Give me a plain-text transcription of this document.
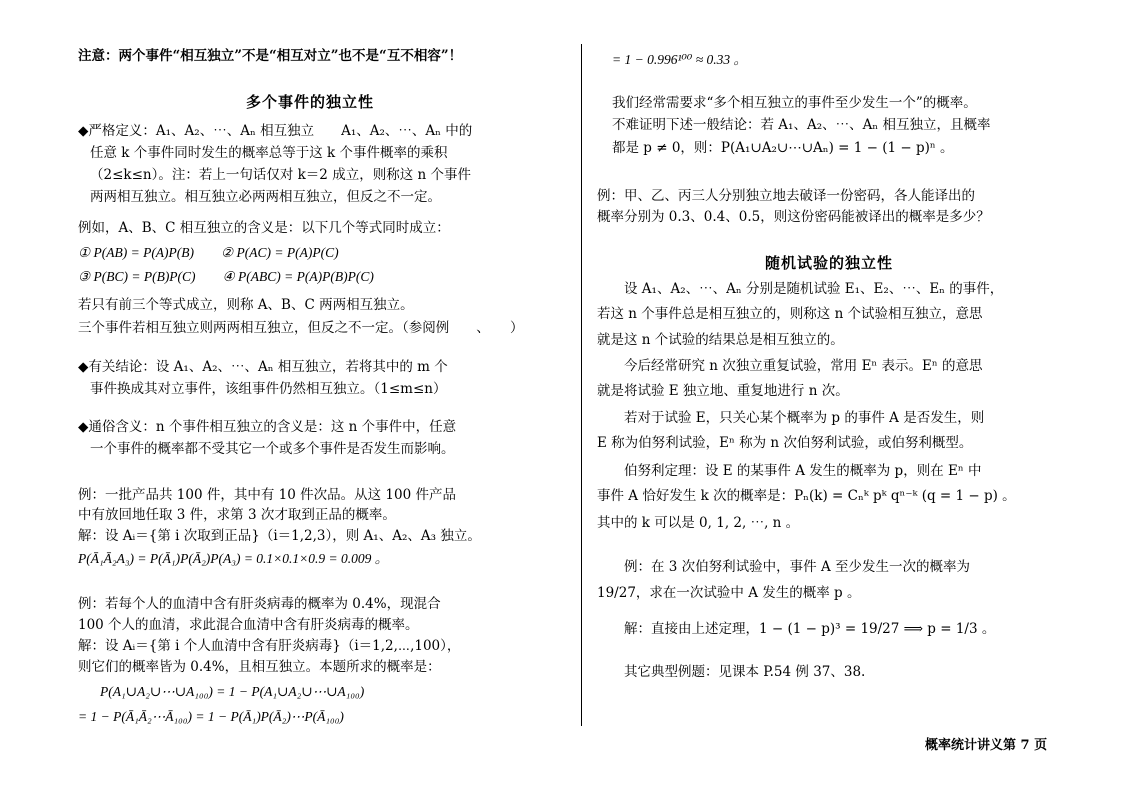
注意：两个事件“相互独立”不是“相互对立”也不是“互不相容”！
多个事件的独立性
◆严格定义：A₁、A₂、⋯、Aₙ 相互独立　　A₁、A₂、⋯、Aₙ 中的
任意 k 个事件同时发生的概率总等于这 k 个事件概率的乘积
（2≤k≤n）。注：若上一句话仅对 k＝2 成立，则称这 n 个事件
两两相互独立。相互独立必两两相互独立，但反之不一定。
例如，A、B、C 相互独立的含义是：以下几个等式同时成立：
① P(AB) = P(A)P(B)　　② P(AC) = P(A)P(C)
③ P(BC) = P(B)P(C)　　④ P(ABC) = P(A)P(B)P(C)
若只有前三个等式成立，则称 A、B、C 两两相互独立。
三个事件若相互独立则两两相互独立，但反之不一定。（参阅例　　、　　）
◆有关结论：设 A₁、A₂、⋯、Aₙ 相互独立，若将其中的 m 个
事件换成其对立事件，该组事件仍然相互独立。（1≤m≤n）
◆通俗含义：n 个事件相互独立的含义是：这 n 个事件中，任意
一个事件的概率都不受其它一个或多个事件是否发生而影响。
例：一批产品共 100 件，其中有 10 件次品。从这 100 件产品
中有放回地任取 3 件，求第 3 次才取到正品的概率。
解：设 Aᵢ＝{第 i 次取到正品}（i＝1,2,3），则 A₁、A₂、A₃ 独立。
P(Ā₁Ā₂A₃) = P(Ā₁)P(Ā₂)P(A₃) = 0.1×0.1×0.9 = 0.009 。
例：若每个人的血清中含有肝炎病毒的概率为 0.4%，现混合
100 个人的血清，求此混合血清中含有肝炎病毒的概率。
解：设 Aᵢ＝{第 i 个人血清中含有肝炎病毒}（i＝1,2,⋯,100），
则它们的概率皆为 0.4%，且相互独立。本题所求的概率是：
P(A₁∪A₂∪⋯∪A₁₀₀) = 1 − P(A₁∪A₂∪⋯∪A₁₀₀)
= 1 − P(Ā₁Ā₂⋯Ā₁₀₀) = 1 − P(Ā₁)P(Ā₂)⋯P(Ā₁₀₀)
= 1 − 0.996¹⁰⁰ ≈ 0.33 。
我们经常需要求“多个相互独立的事件至少发生一个”的概率。
不难证明下述一般结论：若 A₁、A₂、⋯、Aₙ 相互独立，且概率
都是 p ≠ 0，则：P(A₁∪A₂∪⋯∪Aₙ) = 1 − (1 − p)ⁿ 。
例：甲、乙、丙三人分别独立地去破译一份密码，各人能译出的
概率分别为 0.3、0.4、0.5，则这份密码能被译出的概率是多少？
随机试验的独立性
设 A₁、A₂、⋯、Aₙ 分别是随机试验 E₁、E₂、⋯、Eₙ 的事件，
若这 n 个事件总是相互独立的，则称这 n 个试验相互独立，意思
就是这 n 个试验的结果总是相互独立的。
今后经常研究 n 次独立重复试验，常用 Eⁿ 表示。Eⁿ 的意思
就是将试验 E 独立地、重复地进行 n 次。
若对于试验 E，只关心某个概率为 p 的事件 A 是否发生，则
E 称为伯努利试验，Eⁿ 称为 n 次伯努利试验，或伯努利概型。
伯努利定理：设 E 的某事件 A 发生的概率为 p，则在 Eⁿ 中
事件 A 恰好发生 k 次的概率是：Pₙ(k) = Cₙᵏ pᵏ qⁿ⁻ᵏ (q = 1 − p) 。
其中的 k 可以是 0, 1, 2, ⋯, n 。
例：在 3 次伯努利试验中，事件 A 至少发生一次的概率为
19/27，求在一次试验中 A 发生的概率 p 。
解：直接由上述定理，1 − (1 − p)³ = 19/27 ⟹ p = 1/3 。
其它典型例题：见课本 P.54 例 37、38.
概率统计讲义第 7 页
